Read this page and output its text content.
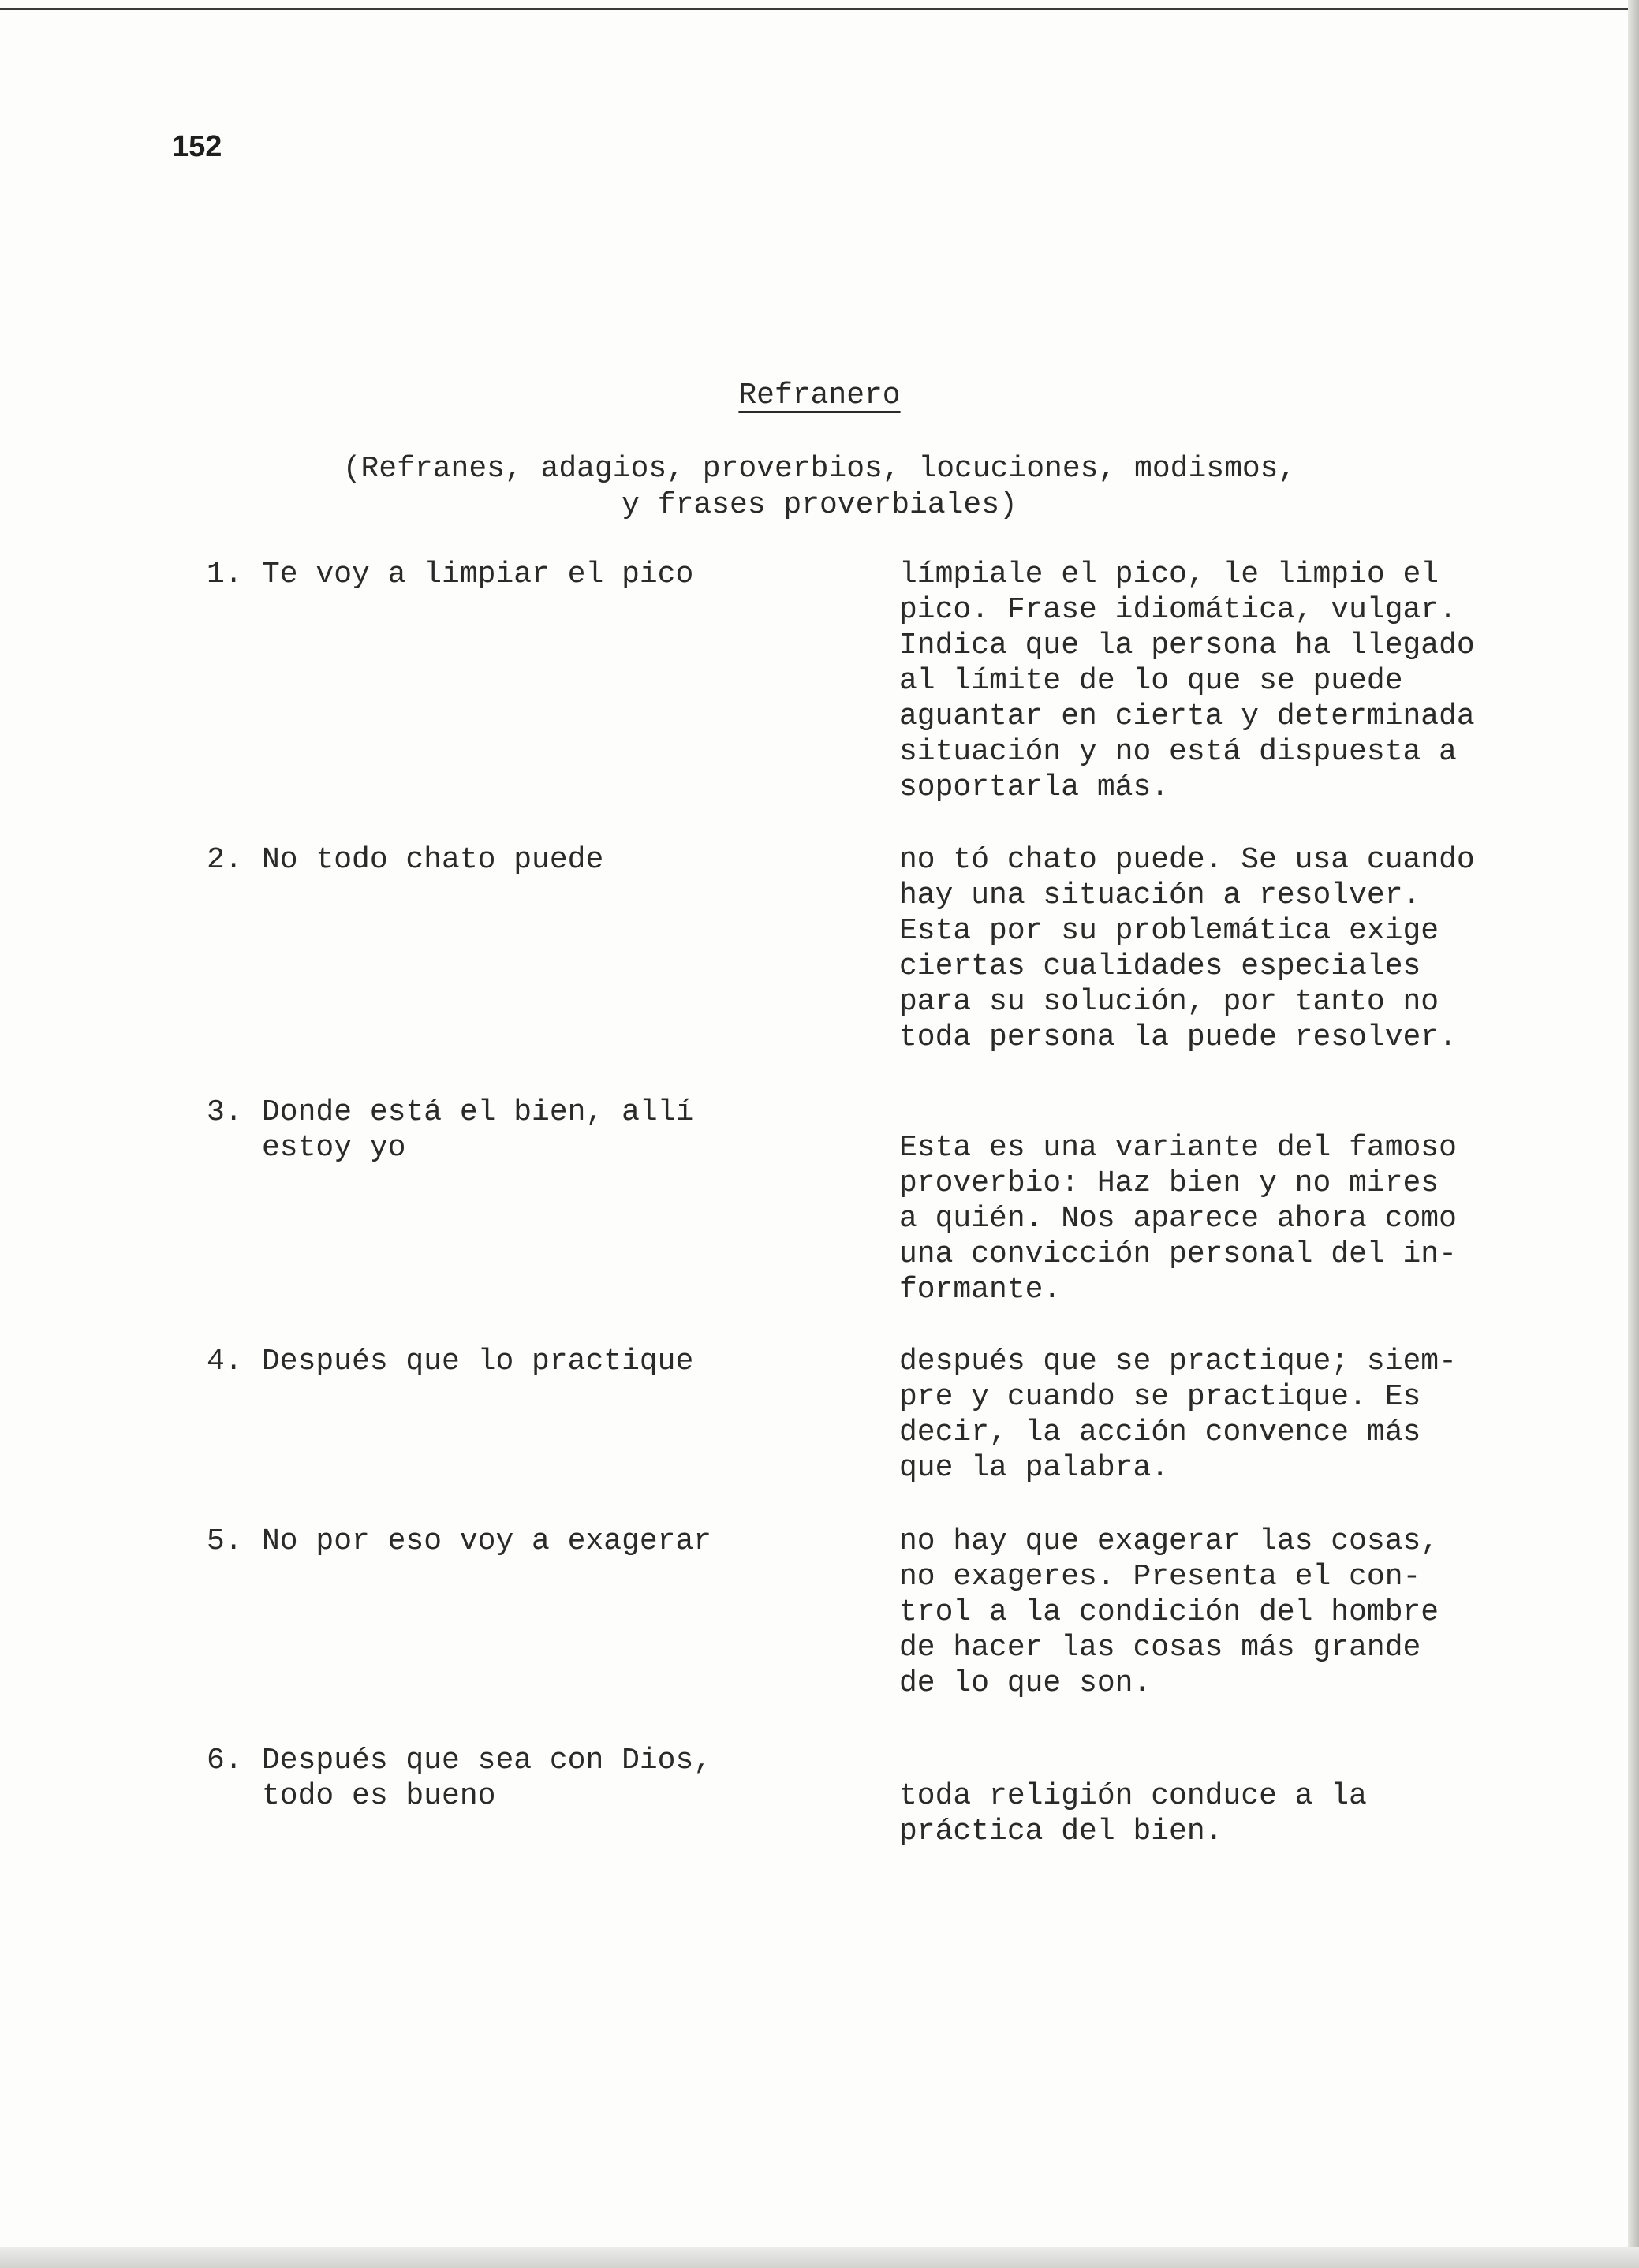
152
Refranero
(Refranes, adagios, proverbios, locuciones, modismos,
y frases proverbiales)
1. Te voy a limpiar el pico	límpiale el pico, le limpio el
pico. Frase idiomática, vulgar.
Indica que la persona ha llegado
al límite de lo que se puede
aguantar en cierta y determinada
situación y no está dispuesta a
soportarla más.
2. No todo chato puede	no tó chato puede. Se usa cuando
hay una situación a resolver.
Esta por su problemática exige
ciertas cualidades especiales
para su solución, por tanto no
toda persona la puede resolver.
3. Donde está el bien, allí
estoy yo	Esta es una variante del famoso
proverbio: Haz bien y no mires
a quién. Nos aparece ahora como
una convicción personal del in-
formante.
4. Después que lo practique	después que se practique; siem-
pre y cuando se practique. Es
decir, la acción convence más
que la palabra.
5. No por eso voy a exagerar	no hay que exagerar las cosas,
no exageres. Presenta el con-
trol a la condición del hombre
de hacer las cosas más grande
de lo que son.
6. Después que sea con Dios,
todo es bueno	toda religión conduce a la
práctica del bien.
